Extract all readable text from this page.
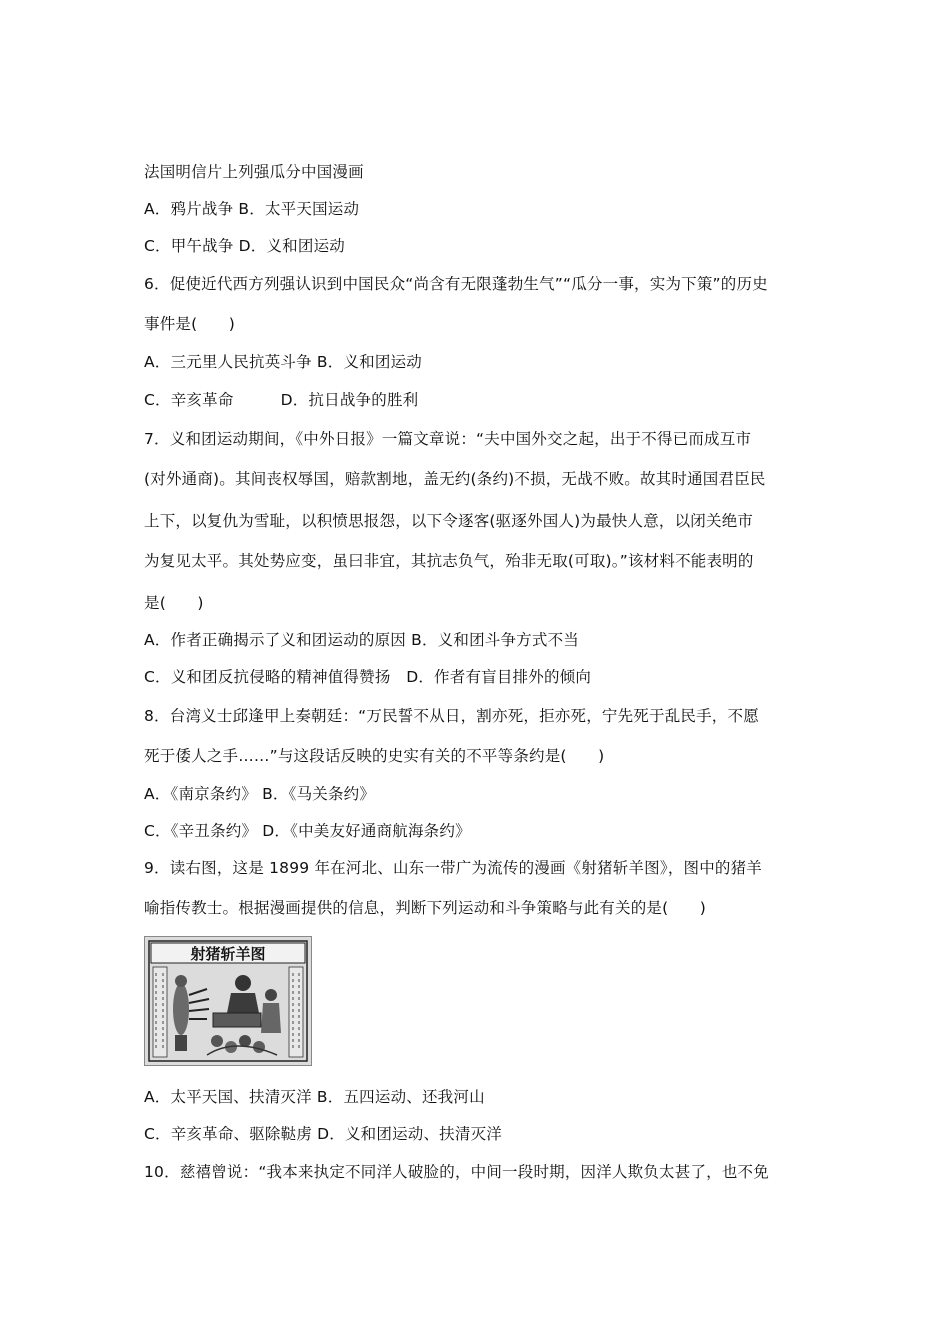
法国明信片上列强瓜分中国漫画
A．鸦片战争 B．太平天国运动
C．甲午战争 D．义和团运动
6．促使近代西方列强认识到中国民众“尚含有无限蓬勃生气”“瓜分一事，实为下策”的历史
事件是(　　)
A．三元里人民抗英斗争 B．义和团运动
C．辛亥革命　　　D．抗日战争的胜利
7．义和团运动期间，《中外日报》一篇文章说：“夫中国外交之起，出于不得已而成互市
(对外通商)。其间丧权辱国，赔款割地，盖无约(条约)不损，无战不败。故其时通国君臣民
上下，以复仇为雪耻，以积愤思报怨，以下令逐客(驱逐外国人)为最快人意，以闭关绝市
为复见太平。其处势应变，虽曰非宜，其抗志负气，殆非无取(可取)。”该材料不能表明的
是(　　)
A．作者正确揭示了义和团运动的原因 B．义和团斗争方式不当
C．义和团反抗侵略的精神值得赞扬　D．作者有盲目排外的倾向
8．台湾义士邱逢甲上奏朝廷：“万民誓不从日，割亦死，拒亦死，宁先死于乱民手，不愿
死于倭人之手……”与这段话反映的史实有关的不平等条约是(　　)
A．《南京条约》 B．《马关条约》
C．《辛丑条约》 D．《中美友好通商航海条约》
9．读右图，这是 1899 年在河北、山东一带广为流传的漫画《射猪斩羊图》，图中的猪羊
喻指传教士。根据漫画提供的信息，判断下列运动和斗争策略与此有关的是(　　)
射猪斩羊图
A．太平天国、扶清灭洋 B．五四运动、还我河山
C．辛亥革命、驱除鞑虏 D．义和团运动、扶清灭洋
10．慈禧曾说：“我本来执定不同洋人破脸的，中间一段时期，因洋人欺负太甚了，也不免
